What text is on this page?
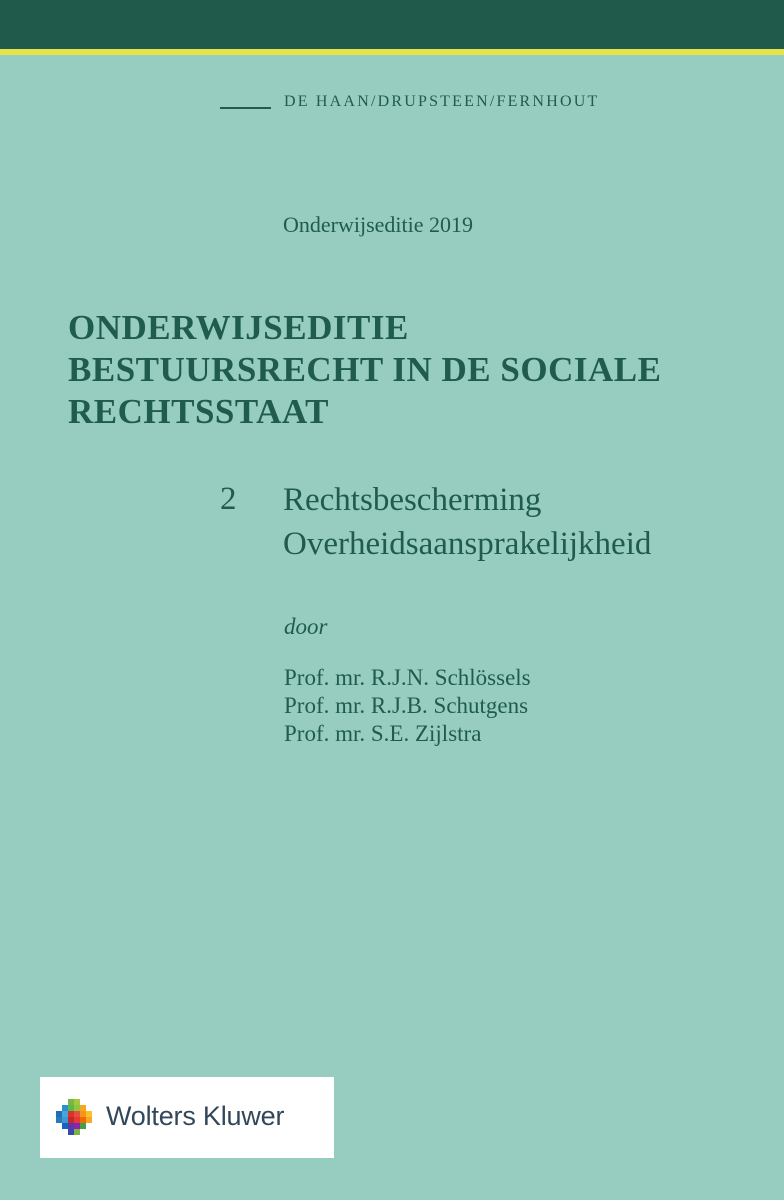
DE HAAN/DRUPSTEEN/FERNHOUT
Onderwijseditie 2019
ONDERWIJSEDITIE
BESTUURSRECHT IN DE SOCIALE
RECHTSSTAAT
2 Rechtsbescherming
Overheidsaansprakelijkheid
door
Prof. mr. R.J.N. Schlössels
Prof. mr. R.J.B. Schutgens
Prof. mr. S.E. Zijlstra
Wolters Kluwer
